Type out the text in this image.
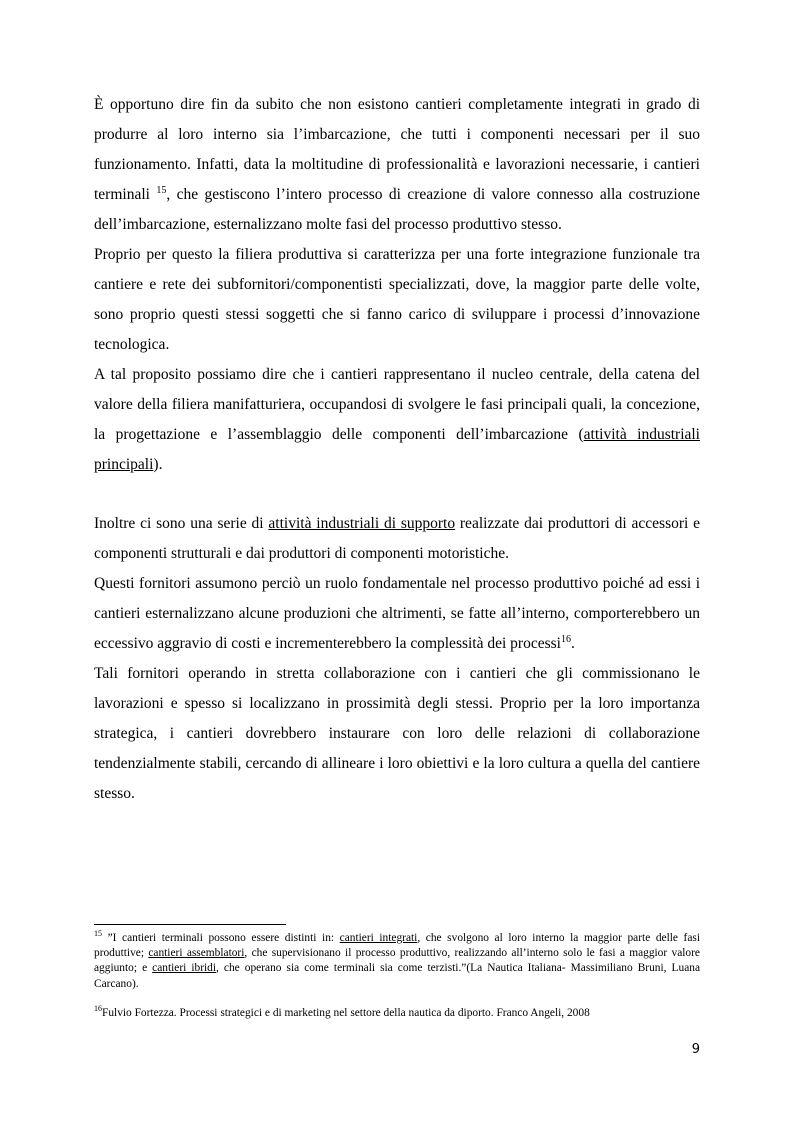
È opportuno dire fin da subito che non esistono cantieri completamente integrati in grado di produrre al loro interno sia l’imbarcazione, che tutti i componenti necessari per il suo funzionamento. Infatti, data la moltitudine di professionalità e lavorazioni necessarie, i cantieri terminali $^{15}$, che gestiscono l’intero processo di creazione di valore connesso alla costruzione dell’imbarcazione, esternalizzano molte fasi del processo produttivo stesso.

Proprio per questo la filiera produttiva si caratterizza per una forte integrazione funzionale tra cantiere e rete dei subfornitori/componentisti specializzati, dove, la maggior parte delle volte, sono proprio questi stessi soggetti che si fanno carico di sviluppare i processi d’innovazione tecnologica.

A tal proposito possiamo dire che i cantieri rappresentano il nucleo centrale, della catena del valore della filiera manifatturiera, occupandosi di svolgere le fasi principali quali, la concezione, la progettazione e l’assemblaggio delle componenti dell’imbarcazione (attività industriali principali).

Inoltre ci sono una serie di attività industriali di supporto realizzate dai produttori di accessori e componenti strutturali e dai produttori di componenti motoristiche.

Questi fornitori assumono perciò un ruolo fondamentale nel processo produttivo poiché ad essi i cantieri esternalizzano alcune produzioni che altrimenti, se fatte all’interno, comporterebbero un eccessivo aggravio di costi e incrementerebbero la complessità dei processi$^{16}$.

Tali fornitori operando in stretta collaborazione con i cantieri che gli commissionano le lavorazioni e spesso si localizzano in prossimità degli stessi. Proprio per la loro importanza strategica, i cantieri dovrebbero instaurare con loro delle relazioni di collaborazione tendenzialmente stabili, cercando di allineare i loro obiettivi e la loro cultura a quella del cantiere stesso.

$^{15}$ ”I cantieri terminali possono essere distinti in: cantieri integrati, che svolgono al loro interno la maggior parte delle fasi produttive; cantieri assemblatori, che supervisionano il processo produttivo, realizzando all’interno solo le fasi a maggior valore aggiunto; e cantieri ibridi, che operano sia come terminali sia come terzisti.”(La Nautica Italiana- Massimiliano Bruni, Luana Carcano).

$^{16}$Fulvio Fortezza. Processi strategici e di marketing nel settore della nautica da diporto. Franco Angeli, 2008

9
